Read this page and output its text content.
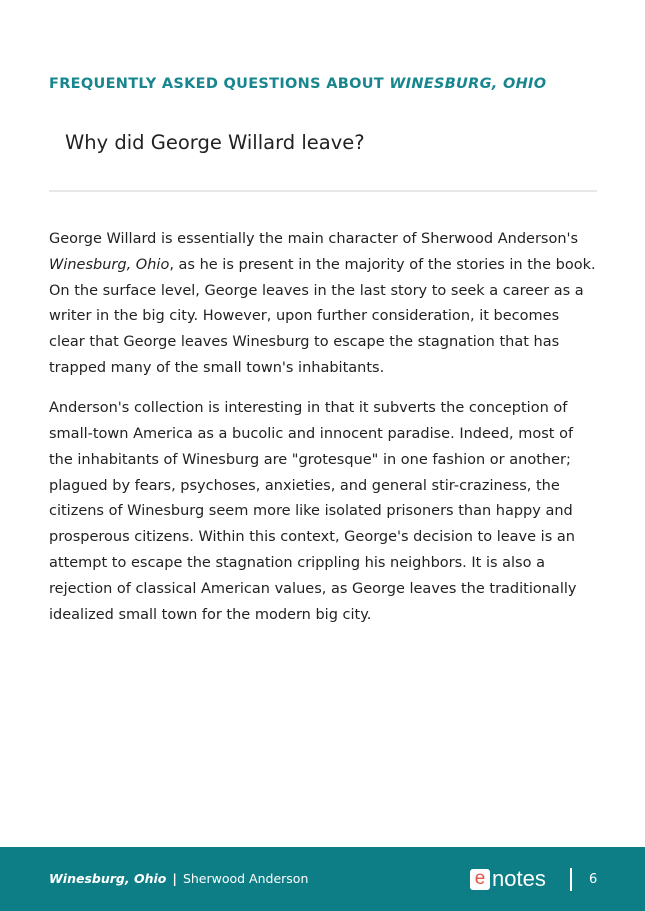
FREQUENTLY ASKED QUESTIONS ABOUT WINESBURG, OHIO
Why did George Willard leave?

George Willard is essentially the main character of Sherwood Anderson's
Winesburg, Ohio, as he is present in the majority of the stories in the book.
On the surface level, George leaves in the last story to seek a career as a
writer in the big city. However, upon further consideration, it becomes
clear that George leaves Winesburg to escape the stagnation that has
trapped many of the small town's inhabitants.

Anderson's collection is interesting in that it subverts the conception of
small-town America as a bucolic and innocent paradise. Indeed, most of
the inhabitants of Winesburg are "grotesque" in one fashion or another;
plagued by fears, psychoses, anxieties, and general stir-craziness, the
citizens of Winesburg seem more like isolated prisoners than happy and
prosperous citizens. Within this context, George's decision to leave is an
attempt to escape the stagnation crippling his neighbors. It is also a
rejection of classical American values, as George leaves the traditionally
idealized small town for the modern big city.

Winesburg, Ohio | Sherwood Anderson	e notes	6
